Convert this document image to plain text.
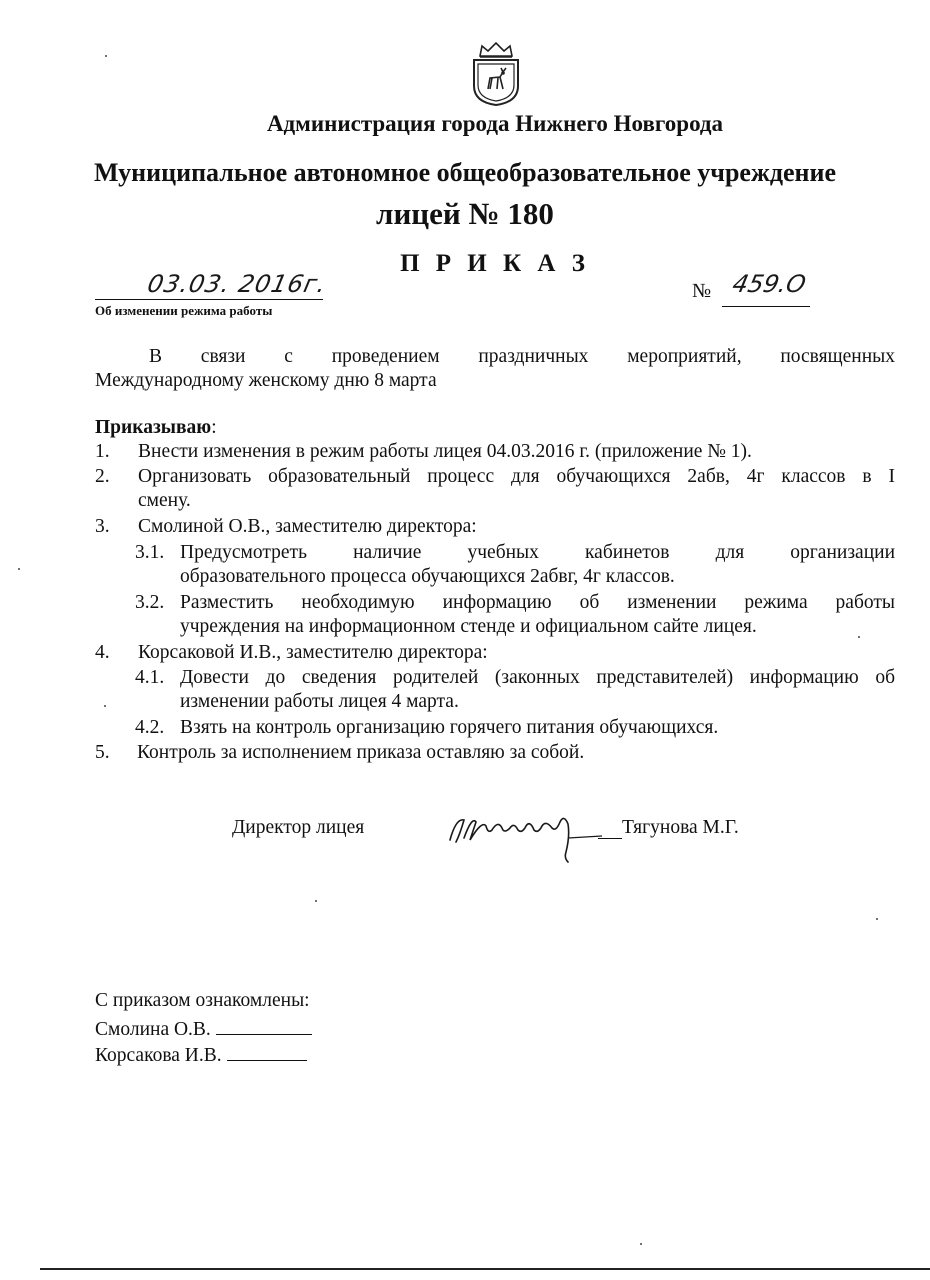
Администрация города Нижнего Новгорода
Муниципальное автономное общеобразовательное учреждение
лицей № 180
П Р И К А З
03.03. 2016г.
Об изменении режима работы
№ 459.О
В связи с проведением праздничных мероприятий, посвященных
Международному женскому дню 8 марта
Приказываю:
1.	Внести изменения в режим работы лицея 04.03.2016 г. (приложение № 1).
2.	Организовать образовательный процесс для обучающихся 2абв, 4г классов в I
смену.
3.	Смолиной О.В., заместителю директора:
3.1. Предусмотреть наличие учебных кабинетов для организации
образовательного процесса обучающихся 2абвг, 4г классов.
3.2. Разместить необходимую информацию об изменении режима работы
учреждения на информационном стенде и официальном сайте лицея.
4.	Корсаковой И.В., заместителю директора:
4.1. Довести до сведения родителей (законных представителей) информацию об
изменении работы лицея 4 марта.
4.2. Взять на контроль организацию горячего питания обучающихся.
5.	Контроль за исполнением приказа оставляю за собой.
Директор лицея	Тягунова М.Г.
С приказом ознакомлены:
Смолина О.В.
Корсакова И.В.
